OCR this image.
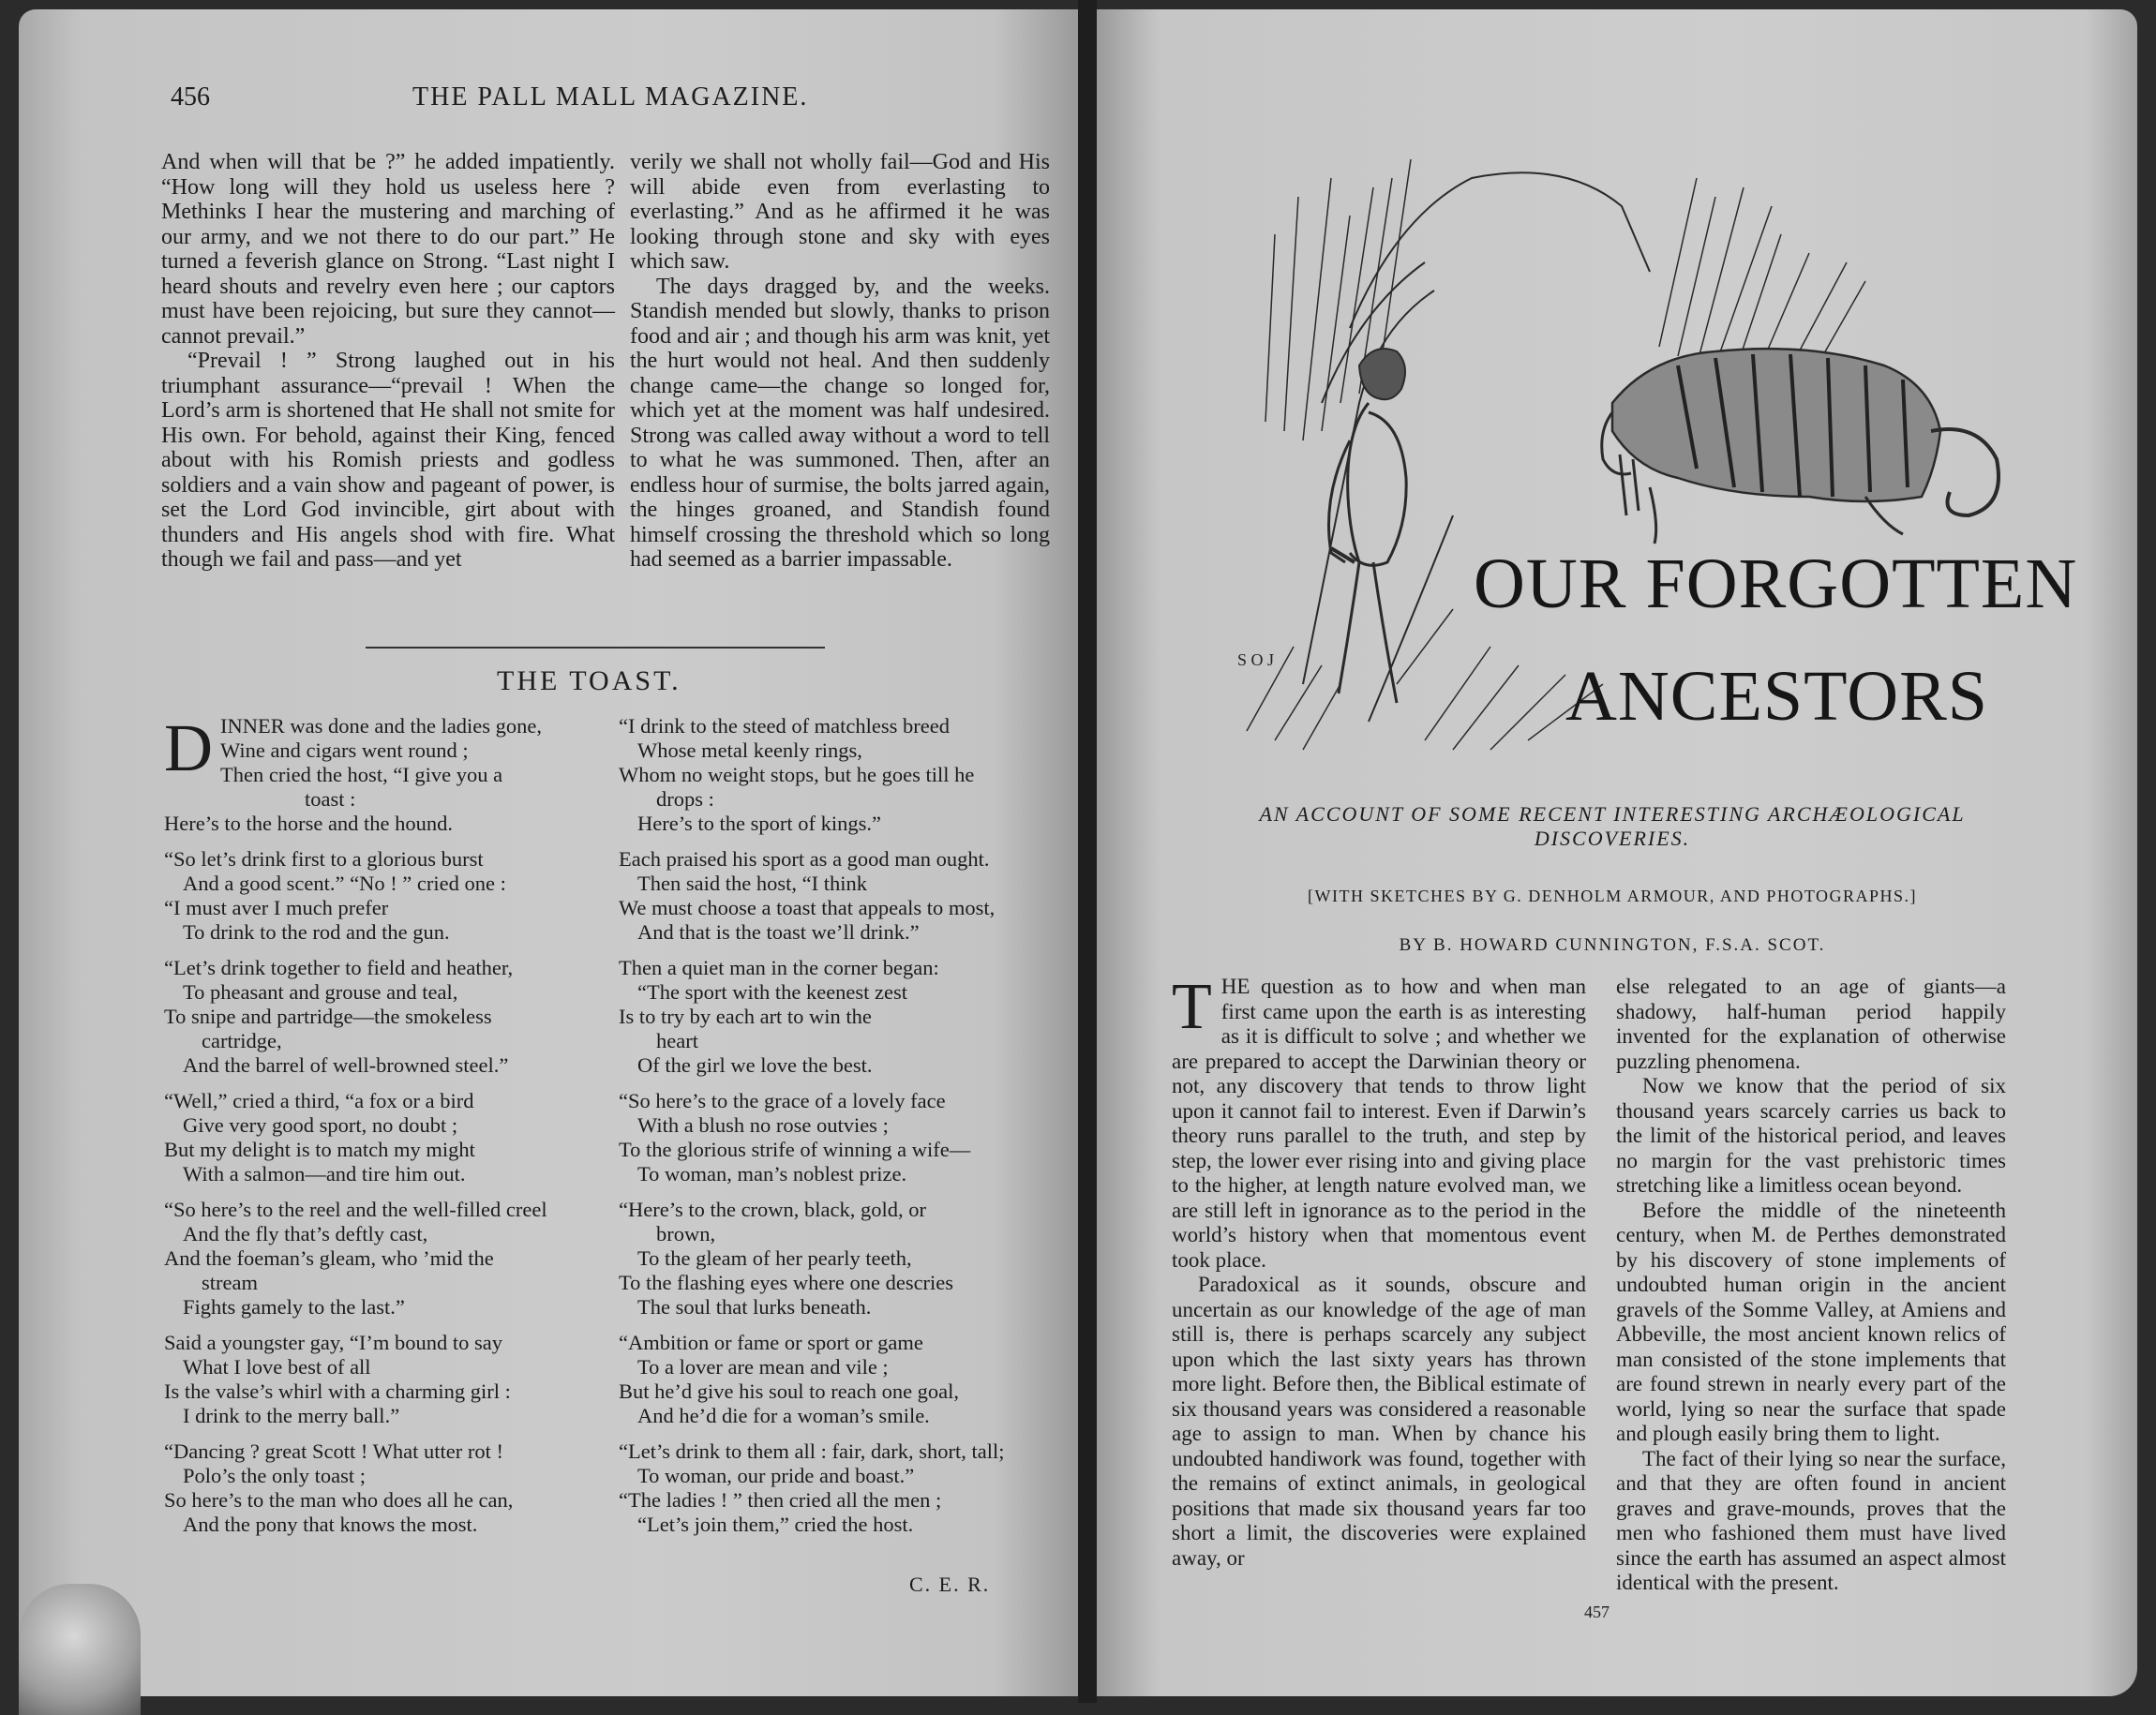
456	THE PALL MALL MAGAZINE.

And when will that be ?” he added impatiently. “How long will they hold us useless here ? Methinks I hear the mustering and marching of our army, and we not there to do our part.” He turned a feverish glance on Strong. “Last night I heard shouts and revelry even here ; our captors must have been rejoicing, but sure they cannot—cannot prevail.”

“Prevail ! ” Strong laughed out in his triumphant assurance—“prevail ! When the Lord’s arm is shortened that He shall not smite for His own. For behold, against their King, fenced about with his Romish priests and godless soldiers and a vain show and pageant of power, is set the Lord God invincible, girt about with thunders and His angels shod with fire. What though we fail and pass—and yet

verily we shall not wholly fail—God and His will abide even from everlasting to everlasting.” And as he affirmed it he was looking through stone and sky with eyes which saw.

The days dragged by, and the weeks. Standish mended but slowly, thanks to prison food and air ; and though his arm was knit, yet the hurt would not heal. And then suddenly change came—the change so longed for, which yet at the moment was half undesired. Strong was called away without a word to tell to what he was summoned. Then, after an endless hour of surmise, the bolts jarred again, the hinges groaned, and Standish found himself crossing the threshold which so long had seemed as a barrier impassable.

THE TOAST.
D INNER was done and the ladies gone,
Wine and cigars went round ;
Then cried the host, “I give you a
toast :
Here’s to the horse and the hound.
“So let’s drink first to a glorious burst
And a good scent.” “No ! ” cried one :
“I must aver I much prefer
To drink to the rod and the gun.
“Let’s drink together to field and heather,
To pheasant and grouse and teal,
To snipe and partridge—the smokeless
cartridge,
And the barrel of well-browned steel.”
“Well,” cried a third, “a fox or a bird
Give very good sport, no doubt ;
But my delight is to match my might
With a salmon—and tire him out.
“So here’s to the reel and the well-filled creel
And the fly that’s deftly cast,
And the foeman’s gleam, who ’mid the
stream
Fights gamely to the last.”
Said a youngster gay, “I’m bound to say
What I love best of all
Is the valse’s whirl with a charming girl :
I drink to the merry ball.”
“Dancing ? great Scott ! What utter rot !
Polo’s the only toast ;
So here’s to the man who does all he can,
And the pony that knows the most.
“I drink to the steed of matchless breed
Whose metal keenly rings,
Whom no weight stops, but he goes till he
drops :
Here’s to the sport of kings.”
Each praised his sport as a good man ought.
Then said the host, “I think
We must choose a toast that appeals to most,
And that is the toast we’ll drink.”
Then a quiet man in the corner began:
“The sport with the keenest zest
Is to try by each art to win the
heart
Of the girl we love the best.
“So here’s to the grace of a lovely face
With a blush no rose outvies ;
To the glorious strife of winning a wife—
To woman, man’s noblest prize.
“Here’s to the crown, black, gold, or
brown,
To the gleam of her pearly teeth,
To the flashing eyes where one descries
The soul that lurks beneath.
“Ambition or fame or sport or game
To a lover are mean and vile ;
But he’d give his soul to reach one goal,
And he’d die for a woman’s smile.
“Let’s drink to them all : fair, dark, short, tall;
To woman, our pride and boast.”
“The ladies ! ” then cried all the men ;
“Let’s join them,” cried the host.
C. E. R.
S O J
OUR FORGOTTEN
ANCESTORS
AN ACCOUNT OF SOME RECENT INTERESTING ARCHÆOLOGICAL DISCOVERIES.
[WITH SKETCHES BY G. DENHOLM ARMOUR, AND PHOTOGRAPHS.]
BY B. HOWARD CUNNINGTON, F.S.A. SCOT.

THE question as to how and when man first came upon the earth is as interesting as it is difficult to solve ; and whether we are prepared to accept the Darwinian theory or not, any discovery that tends to throw light upon it cannot fail to interest. Even if Darwin’s theory runs parallel to the truth, and step by step, the lower ever rising into and giving place to the higher, at length nature evolved man, we are still left in ignorance as to the period in the world’s history when that momentous event took place.

Paradoxical as it sounds, obscure and uncertain as our knowledge of the age of man still is, there is perhaps scarcely any subject upon which the last sixty years has thrown more light. Before then, the Biblical estimate of six thousand years was considered a reasonable age to assign to man. When by chance his undoubted handiwork was found, together with the remains of extinct animals, in geological positions that made six thousand years far too short a limit, the discoveries were explained away, or

else relegated to an age of giants—a shadowy, half-human period happily invented for the explanation of otherwise puzzling phenomena.

Now we know that the period of six thousand years scarcely carries us back to the limit of the historical period, and leaves no margin for the vast prehistoric times stretching like a limitless ocean beyond.

Before the middle of the nineteenth century, when M. de Perthes demonstrated by his discovery of stone implements of undoubted human origin in the ancient gravels of the Somme Valley, at Amiens and Abbeville, the most ancient known relics of man consisted of the stone implements that are found strewn in nearly every part of the world, lying so near the surface that spade and plough easily bring them to light.

The fact of their lying so near the surface, and that they are often found in ancient graves and grave-mounds, proves that the men who fashioned them must have lived since the earth has assumed an aspect almost identical with the present.

457
